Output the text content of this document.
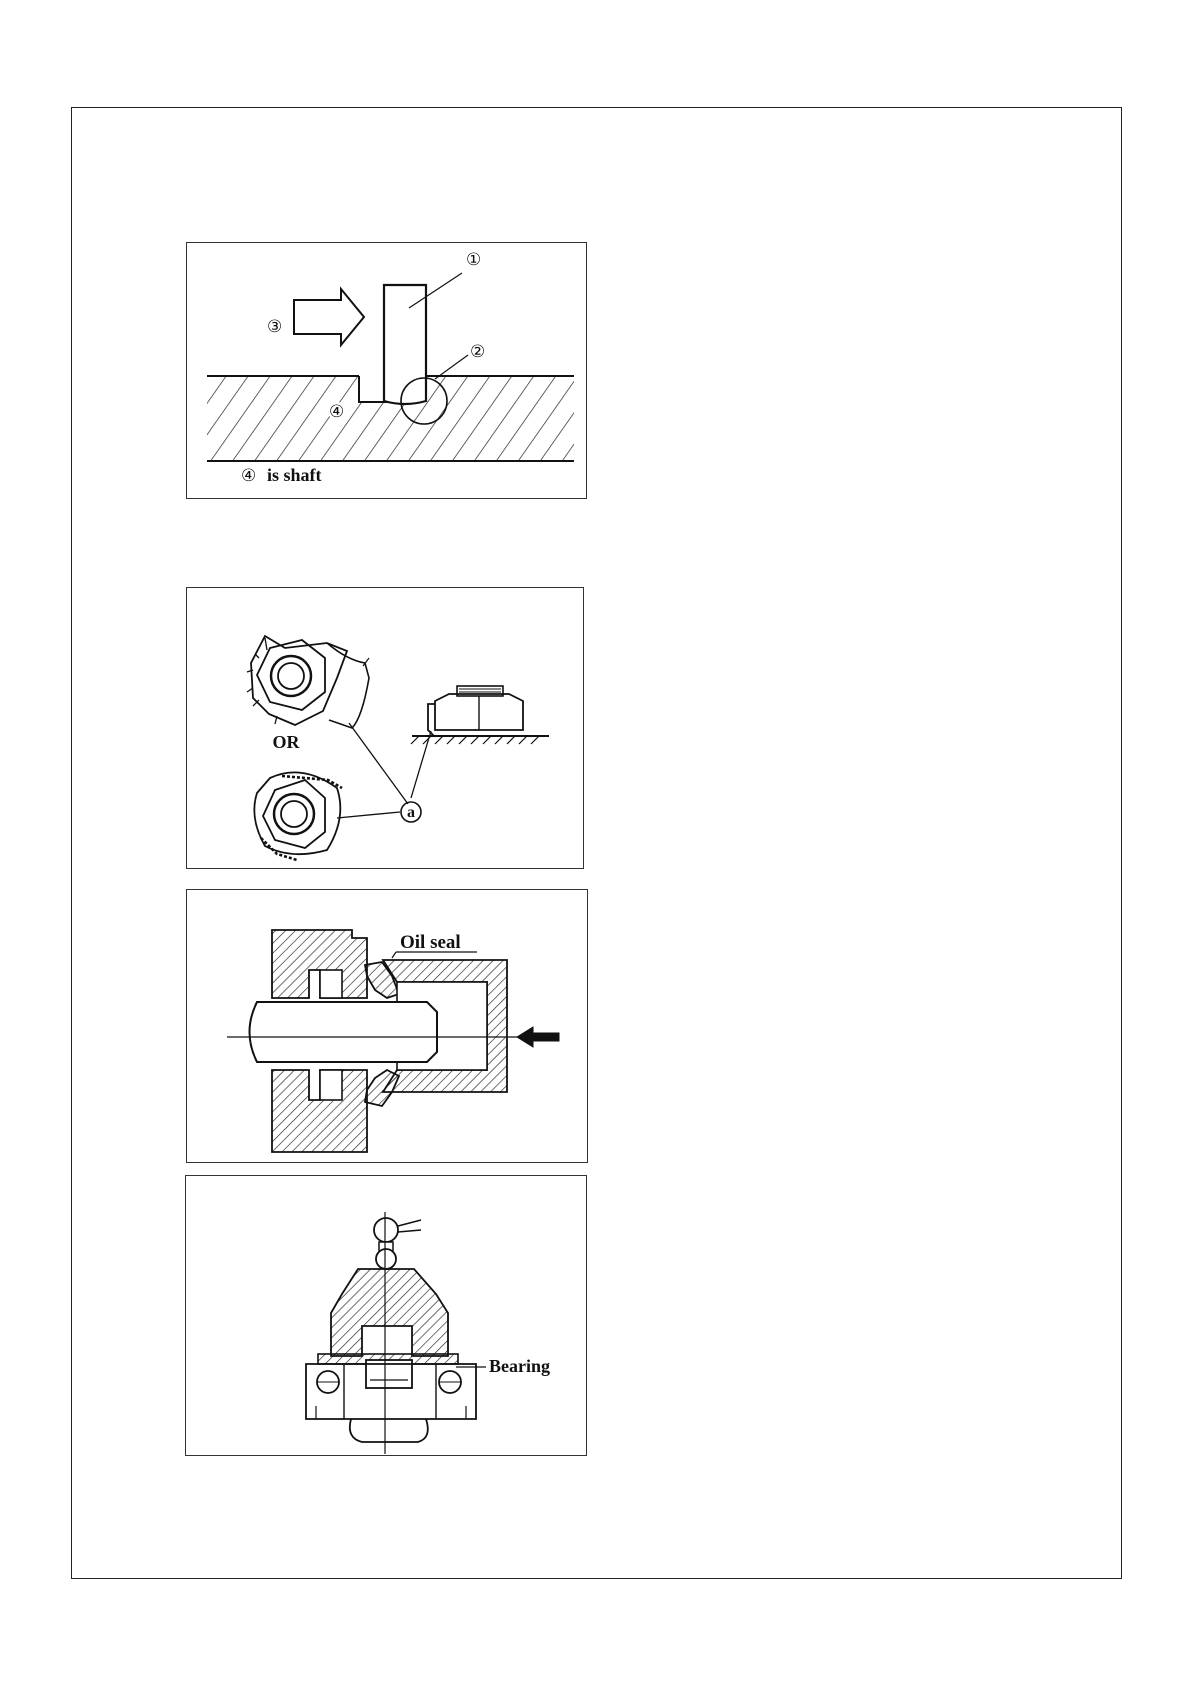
①
②
③
④
④ is shaft
OR
a
Oil seal
Bearing
